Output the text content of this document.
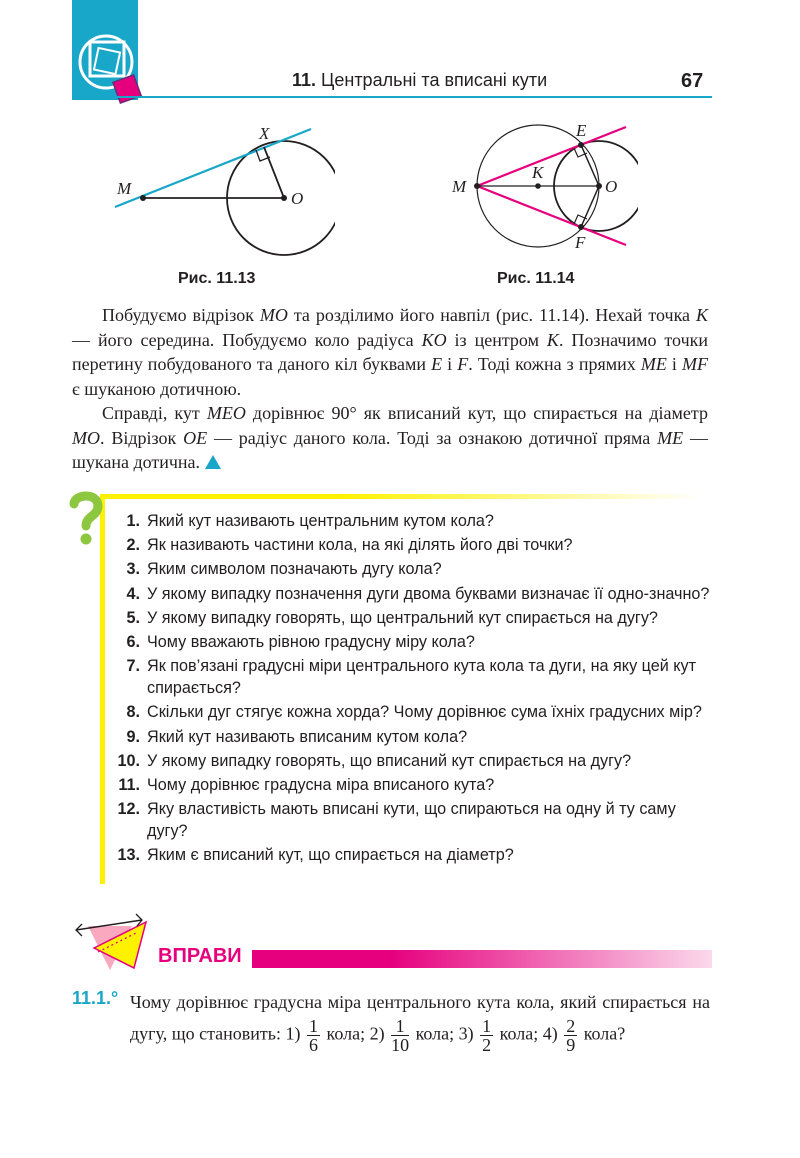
11. Центральні та вписані кути	67
X
M
O
Рис. 11.13
E
M
K
O
F
Рис. 11.14

Побудуємо відрізок MO та розділимо його навпіл (рис. 11.14). Нехай точка K — його середина. Побудуємо коло радіуса KO із центром K. Позначимо точки перетину побудованого та даного кіл буквами E і F. Тоді кожна з прямих ME і MF є шуканою дотичною.

Справді, кут MEO дорівнює 90° як вписаний кут, що спирається на діаметр MO. Відрізок OE — радіус даного кола. Тоді за ознакою дотичної пряма ME — шукана дотична.

1. Який кут називають центральним кутом кола?
2. Як називають частини кола, на які ділять його дві точки?
3. Яким символом позначають дугу кола?
4. У якому випадку позначення дуги двома буквами визначає її одно-значно?
5. У якому випадку говорять, що центральний кут спирається на дугу?
6. Чому вважають рівною градусну міру кола?
7. Як пов’язані градусні міри центрального кута кола та дуги, на яку цей кут спирається?
8. Скільки дуг стягує кожна хорда? Чому дорівнює сума їхніх градусних мір?
9. Який кут називають вписаним кутом кола?
10. У якому випадку говорять, що вписаний кут спирається на дугу?
11. Чому дорівнює градусна міра вписаного кута?
12. Яку властивість мають вписані кути, що спираються на одну й ту саму дугу?
13. Яким є вписаний кут, що спирається на діаметр?
ВПРАВИ
11.1.° Чому дорівнює градусна міра центрального кута кола, який спирається на дугу, що становить: $1) \frac{1}{6}$ кола; $2) \frac{1}{10}$ кола; $3) \frac{1}{2}$ кола; $4) \frac{2}{9}$ кола?
